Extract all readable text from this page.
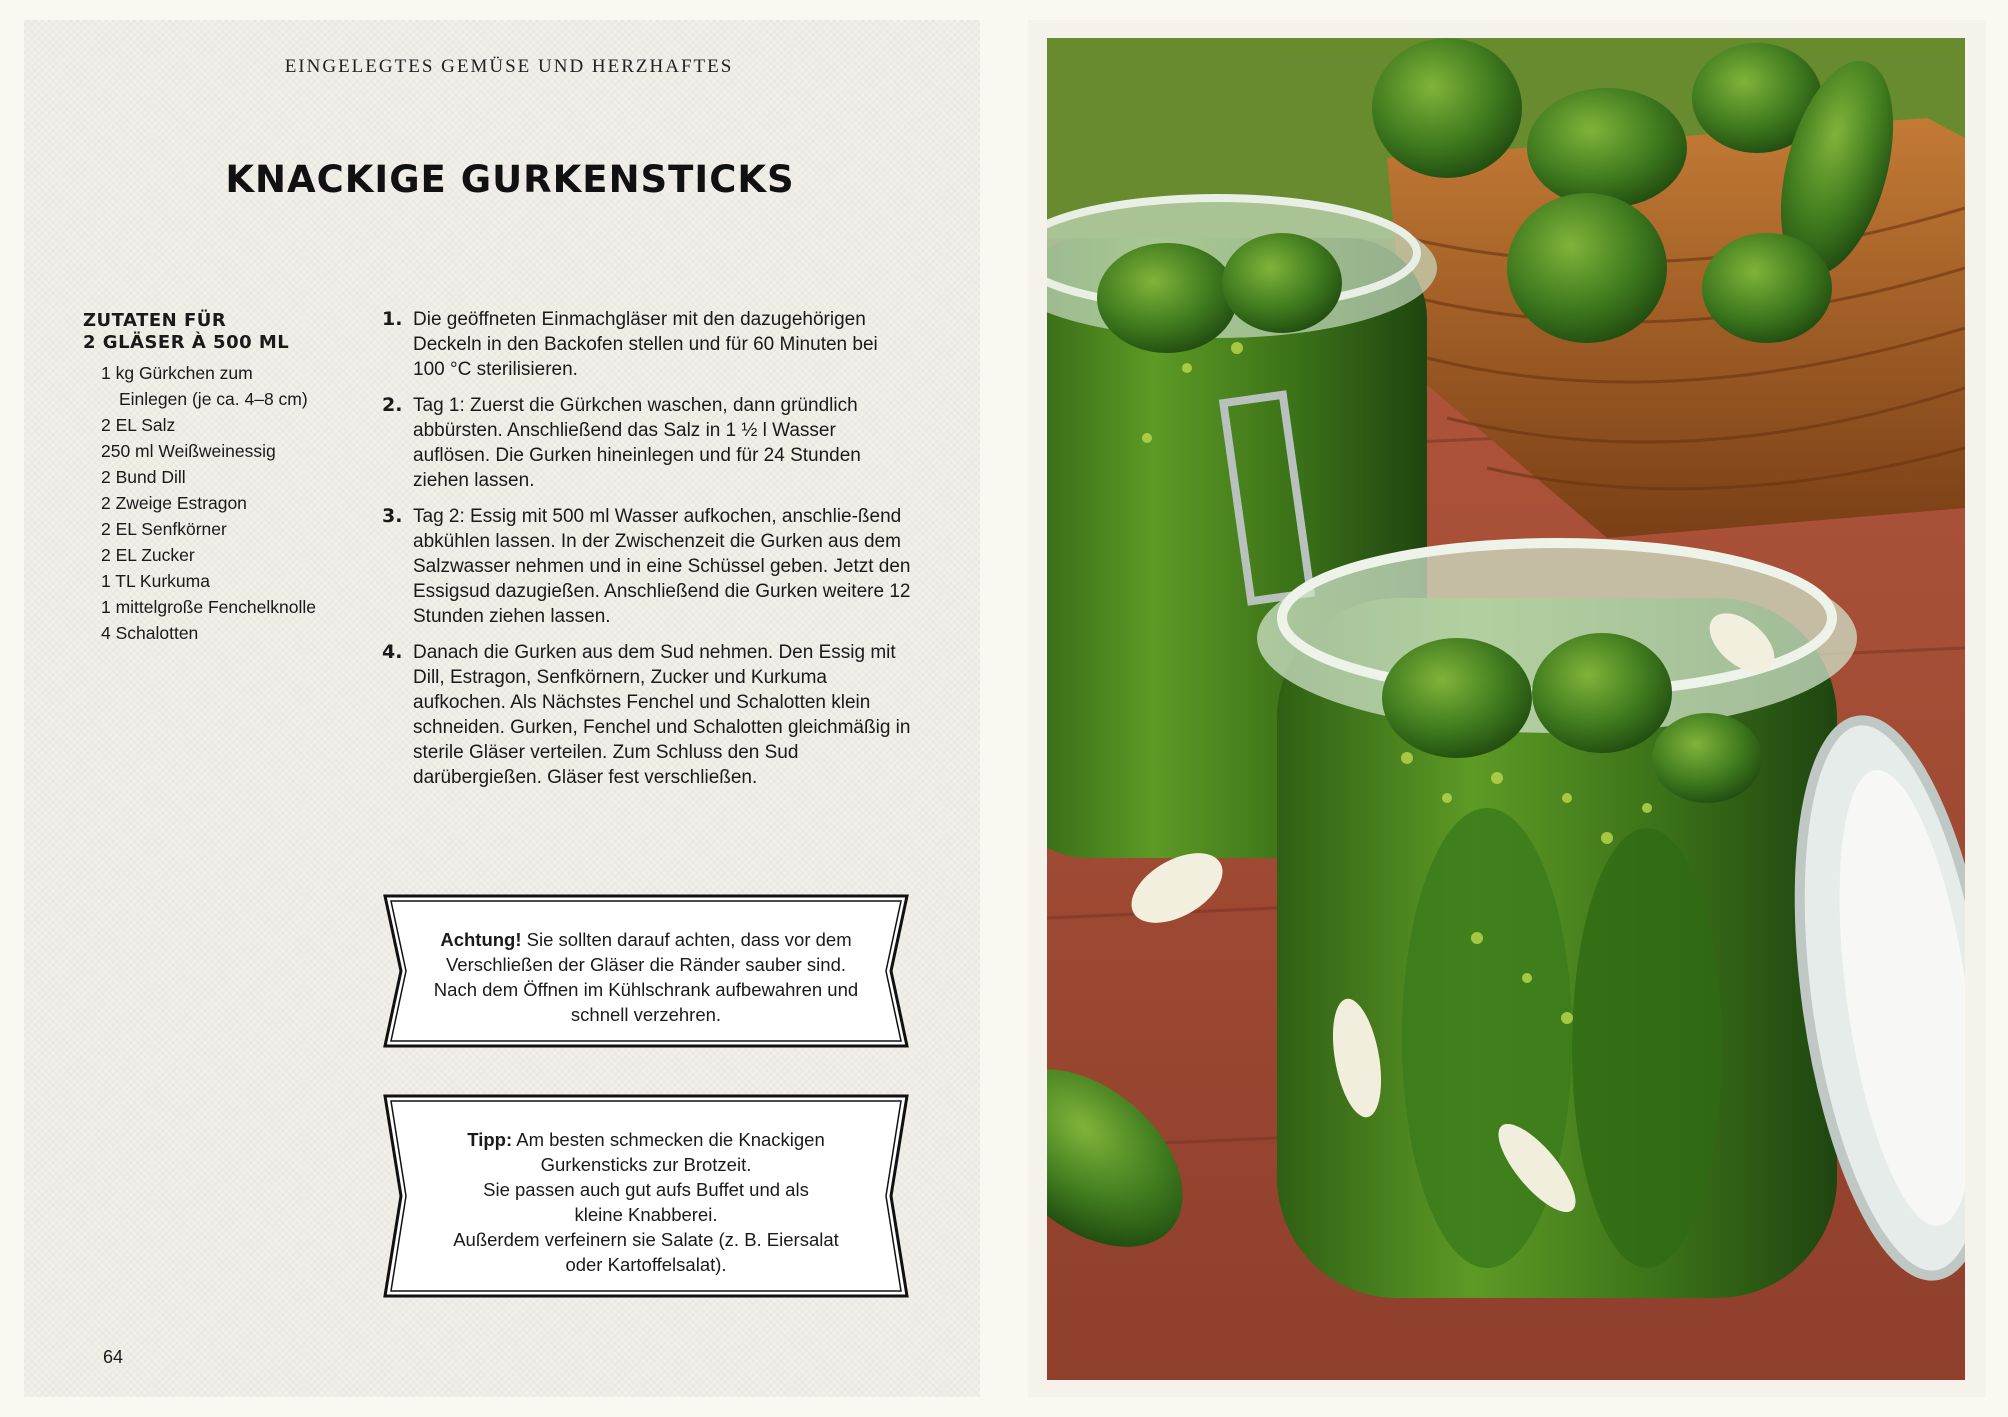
EINGELEGTES GEMÜSE UND HERZHAFTES
KNACKIGE GURKENSTICKS
ZUTATEN FÜR
2 GLÄSER À 500 ML
1 kg Gürkchen zum
Einlegen (je ca. 4–8 cm)
2 EL Salz
250 ml Weißweinessig
2 Bund Dill
2 Zweige Estragon
2 EL Senfkörner
2 EL Zucker
1 TL Kurkuma
1 mittelgroße Fenchelknolle
4 Schalotten
1. Die geöffneten Einmachgläser mit den dazugehörigen Deckeln in den Backofen stellen und für 60 Minuten bei 100 °C sterilisieren.
2. Tag 1: Zuerst die Gürkchen waschen, dann gründlich abbürsten. Anschließend das Salz in 1 ½ l Wasser auflösen. Die Gurken hineinlegen und für 24 Stunden ziehen lassen.
3. Tag 2: Essig mit 500 ml Wasser aufkochen, anschlie-ßend abkühlen lassen. In der Zwischenzeit die Gurken aus dem Salzwasser nehmen und in eine Schüssel geben. Jetzt den Essigsud dazugießen. Anschließend die Gurken weitere 12 Stunden ziehen lassen.
4. Danach die Gurken aus dem Sud nehmen. Den Essig mit Dill, Estragon, Senfkörnern, Zucker und Kurkuma aufkochen. Als Nächstes Fenchel und Schalotten klein schneiden. Gurken, Fenchel und Schalotten gleichmäßig in sterile Gläser verteilen. Zum Schluss den Sud darübergießen. Gläser fest verschließen.
Achtung! Sie sollten darauf achten, dass vor dem Verschließen der Gläser die Ränder sauber sind. Nach dem Öffnen im Kühlschrank aufbewahren und schnell verzehren.
Tipp: Am besten schmecken die Knackigen
Gurkensticks zur Brotzeit.
Sie passen auch gut aufs Buffet und als
kleine Knabberei.
Außerdem verfeinern sie Salate (z. B. Eiersalat
oder Kartoffelsalat).
64
